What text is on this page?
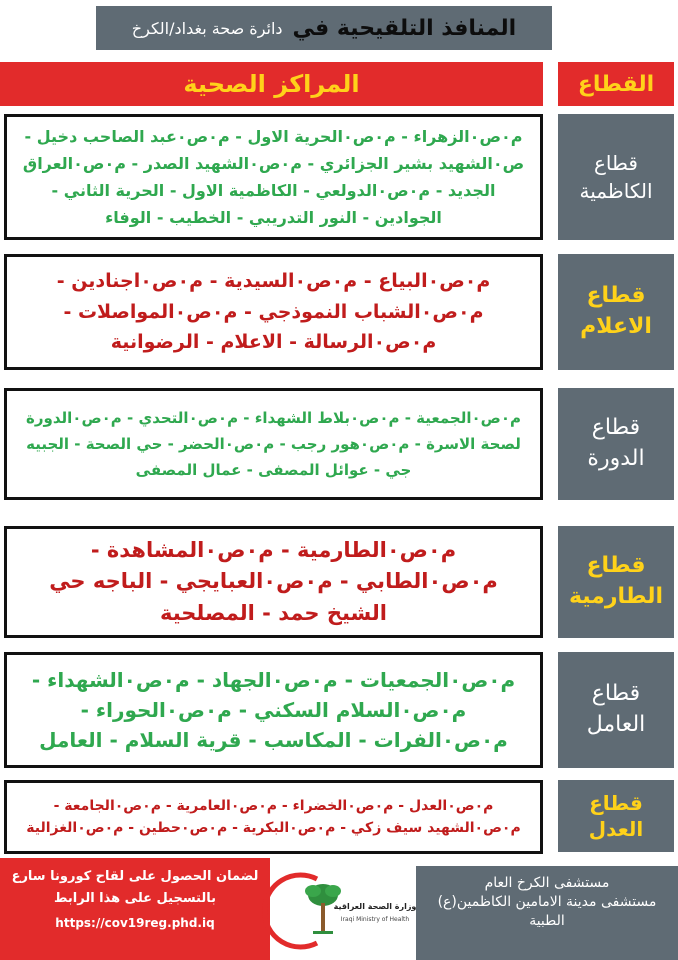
المنافذ التلقيحية في
دائرة صحة بغداد/الكرخ
القطاع
المراكز الصحية
قطاع الكاظمية
م٠ص٠الزهراء - م٠ص٠الحرية الاول - م٠ص٠عبد الصاحب دخيل - ص٠الشهيد بشير الجزائري - م٠ص٠الشهيد الصدر - م٠ص٠العراق الجديد - م٠ص٠الدولعي - الكاظمية الاول - الحرية الثاني - الجوادين - النور التدريبي - الخطيب - الوفاء
قطاع الاعلام
م٠ص٠البياع - م٠ص٠السيدية - م٠ص٠اجنادين - م٠ص٠الشباب النموذجي - م٠ص٠المواصلات - م٠ص٠الرسالة - الاعلام - الرضوانية
قطاع الدورة
م٠ص٠الجمعية - م٠ص٠بلاط الشهداء - م٠ص٠التحدي - م٠ص٠الدورة لصحة الاسرة - م٠ص٠هور رجب - م٠ص٠الحضر - حي الصحة - الجبيه جي - عوائل المصفى - عمال المصفى
قطاع الطارمية
م٠ص٠الطارمية - م٠ص٠المشاهدة - م٠ص٠الطابي - م٠ص٠العبايجي - الباجه حي الشيخ حمد - المصلحية
قطاع العامل
م٠ص٠الجمعيات - م٠ص٠الجهاد - م٠ص٠الشهداء - م٠ص٠السلام السكني - م٠ص٠الحوراء - م٠ص٠الفرات - المكاسب - قرية السلام - العامل
قطاع العدل
م٠ص٠العدل - م٠ص٠الخضراء - م٠ص٠العامرية - م٠ص٠الجامعة - م٠ص٠الشهيد سيف زكي - م٠ص٠البكرية - م٠ص٠حطين - م٠ص٠الغزالية
لضمان الحصول على لقاح كورونا سارع
بالتسجيل على هذا الرابط
https://cov19reg.phd.iq
وزارة الصحة العراقية
Iraqi Ministry of Health
مستشفى الكرخ العام
مستشفى مدينة الامامين الكاظمين(ع)
الطبية
